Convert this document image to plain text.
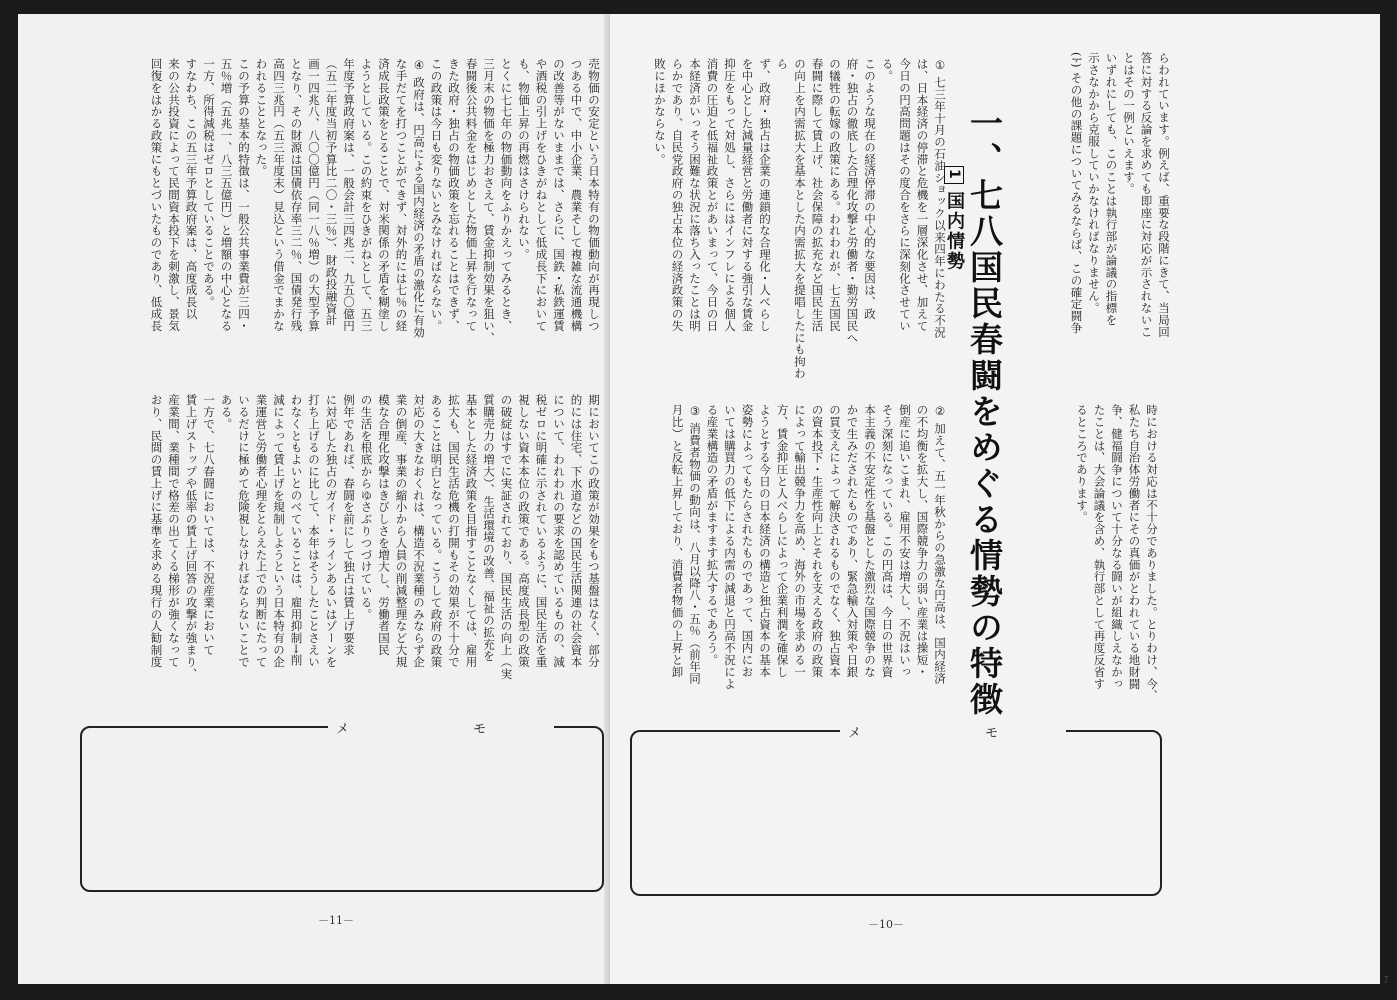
売物価の安定という日本特有の物価動向が再現しつ
つある中で、中小企業、農業そして複雑な流通機構
の改善等がないままでは、さらに、国鉄・私鉄運賃
や酒税の引上げをひきがねとして低成長下において
も、物価上昇の再燃はさけられない。
とくに七七年の物価動向をふりかえってみるとき、
三月末の物価を極力おさえて、賃金抑制効果を狙い、
春闘後公共料金をはじめとした物価上昇を行なって
きた政府・独占の物価政策を忘れることはできず、
この政策は今日も変りないとみなければならない。
④ 政府は、円高による国内経済の矛盾の激化に有効
な手だてを打つことができず、対外的には七％の経
済成長政策をとることで、対米関係の矛盾を糊塗し
ようとしている。この約束をひきがねとして、五三
年度予算政府案は、一般会計三四兆二、九五〇億円
（五二年度当初予算比二〇・三％）、財政投融資計
画一四兆八、八〇〇億円（同一八％増）の大型予算
となり、その財源は国債依存率三二％、国債発行残
高四三兆円（五三年度末）見込という借金でまかな
われることとなった。
この予算の基本的特徴は、一般公共事業費が三四・
五％増（五兆一、八三五億円）と増額の中心となる
一方、所得減税はゼロとしていることである。
すなわち、この五三年予算政府案は、高度成長以
来の公共投資によって民間資本投下を刺激し、景気
回復をはかる政策にもとづいたものであり、低成長
期においてこの政策が効果をもつ基盤はなく、部分
的には住宅、下水道などの国民生活関連の社会資本
について、われわれの要求を認めているものの、減
税ゼロに明確に示されているように、国民生活を重
視しない資本本位の政策である。高度成長型の政策
の破綻はすでに実証されており、国民生活の向上（実
質購売力の増大）、生活環境の改善、福祉の拡充を
基本とした経済政策を目指すことなくしては、雇用
拡大も、国民生活危機の打開もその効果が不十分で
あることは明白となっている。こうして政府の政策
対応の大きなおくれは、構造不況業種のみならず企
業の倒産、事業の縮小から人員の削減整理など大規
模な合理化攻撃はきびしさを増大し、労働者国民
の生活を根底からゆさぶりつづけている。
例年であれば、春闘を前にして独占は賃上げ要求
に対応した独占のガイド・ラインあるいはゾーンを
打ち上げるのに比して、本年はそうしたことさえい
わなくともよいとのべていることは、雇用抑制→削
減によって賃上げを規制しようという日本特有の企
業運営と労働者心理をとらえた上での判断にたって
いるだけに極めて危険視しなければならないことで
ある。
一方で、七八春闘においては、不況産業において
賃上げストップや低率の賃上げ回答の攻撃が強まり、
産業間、業種間で格差の出てくる梯形が強くなって
おり、民間の賃上げに基準を求める現行の人勧制度
メ モ
－11－
らわれています。例えば、重要な段階にきて、当局回
答に対する反論を求めても即座に対応が示されないこ
とはその一例といえます。
いずれにしても、このことは執行部が論議の指標を
示さなかから克服していかなければなりません。
(ﾄ) その他の課題についてみるならば、この確定闘争
一、七八国民春闘をめぐる情勢の特徴
1国内情勢
① 七三年十月の石油ショック以来四年にわたる不況
は、日本経済の停滞と危機を一層深化させ、加えて
今日の円高問題はその度合をさらに深刻化させてい
る。
このような現在の経済停滞の中心的な要因は、政
府・独占の徹底した合理化攻撃と労働者・勤労国民へ
の犠牲の転嫁の政策にある。われわれが、七五国民
春闘に際して賃上げ、社会保障の拡充など国民生活
の向上を内需拡大を基本とした内需拡大を提唱したにも拘わら
ず、政府・独占は企業の連鎖的な合理化・人べらし
を中心とした減量経営と労働者に対する強引な賃金
抑圧をもって対処し、さらにはインフレによる個人
消費の圧迫と低福祉政策とがあいまって、今日の日
本経済がいっそう困難な状況に落ち入ったことは明
らかであり、自民党政府の独占本位の経済政策の失
敗にほかならない。
時における対応は不十分でありました。とりわけ、今、
私たち自治体労働者にその真価がとわれている地財闘
争、健福闘争について十分なる闘いが組織しえなかっ
たことは、大会論議を含め、執行部として再度反省す
るところであります。
② 加えて、五一年秋からの急激な円高は、国内経済
の不均衡を拡大し、国際競争力の弱い産業は操短・
倒産に追いこまれ、雇用不安は増大し、不況はいっ
そう深刻になっている。この円高は、今日の世界資
本主義の不安定性を基盤とした激烈な国際競争のな
かで生みだされたものであり、緊急輸入対策や日銀
の買支えによって解決されるものでなく、独占資本
の資本投下・生産性向上とそれを支える政府の政策
によって輸出競争力を高め、海外の市場を求める一
方、賃金抑圧と人べらしによって企業利潤を確保し
ようとする今日の日本経済の構造と独占資本の基本
姿勢によってもたらされたものであって、国内にお
いては購買力の低下による内需の減退と円高不況によ
る産業構造の矛盾がますます拡大するであろう。
③ 消費者物価の動向は、八月以降八・五％（前年同
月比）と反転上昇しており、消費者物価の上昇と卸
メ モ
－10－
7
